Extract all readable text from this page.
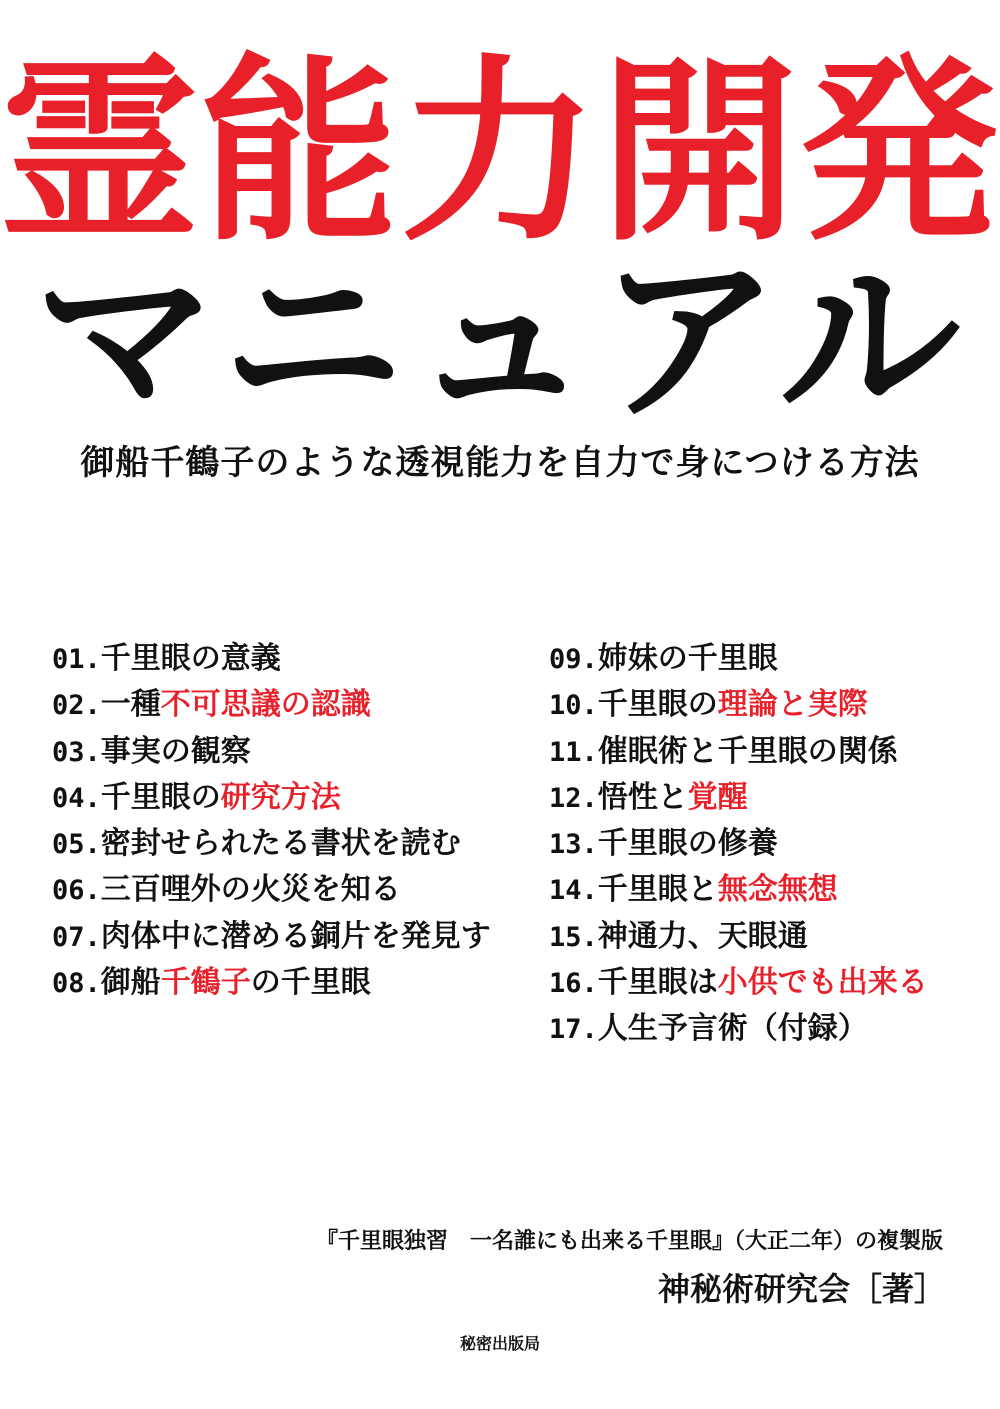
霊能力開発
マニュアル
御船千鶴子のような透視能力を自力で身につける方法
01.千里眼の意義
02.一種不可思議の認識
03.事実の観察
04.千里眼の研究方法
05.密封せられたる書状を読む
06.三百哩外の火災を知る
07.肉体中に潜める銅片を発見す
08.御船千鶴子の千里眼
09.姉妹の千里眼
10.千里眼の理論と実際
11.催眠術と千里眼の関係
12.悟性と覚醒
13.千里眼の修養
14.千里眼と無念無想
15.神通力、天眼通
16.千里眼は小供でも出来る
17.人生予言術（付録）
『千里眼独習　一名誰にも出来る千里眼』（大正二年）の複製版
神秘術研究会［著］
秘密出版局
